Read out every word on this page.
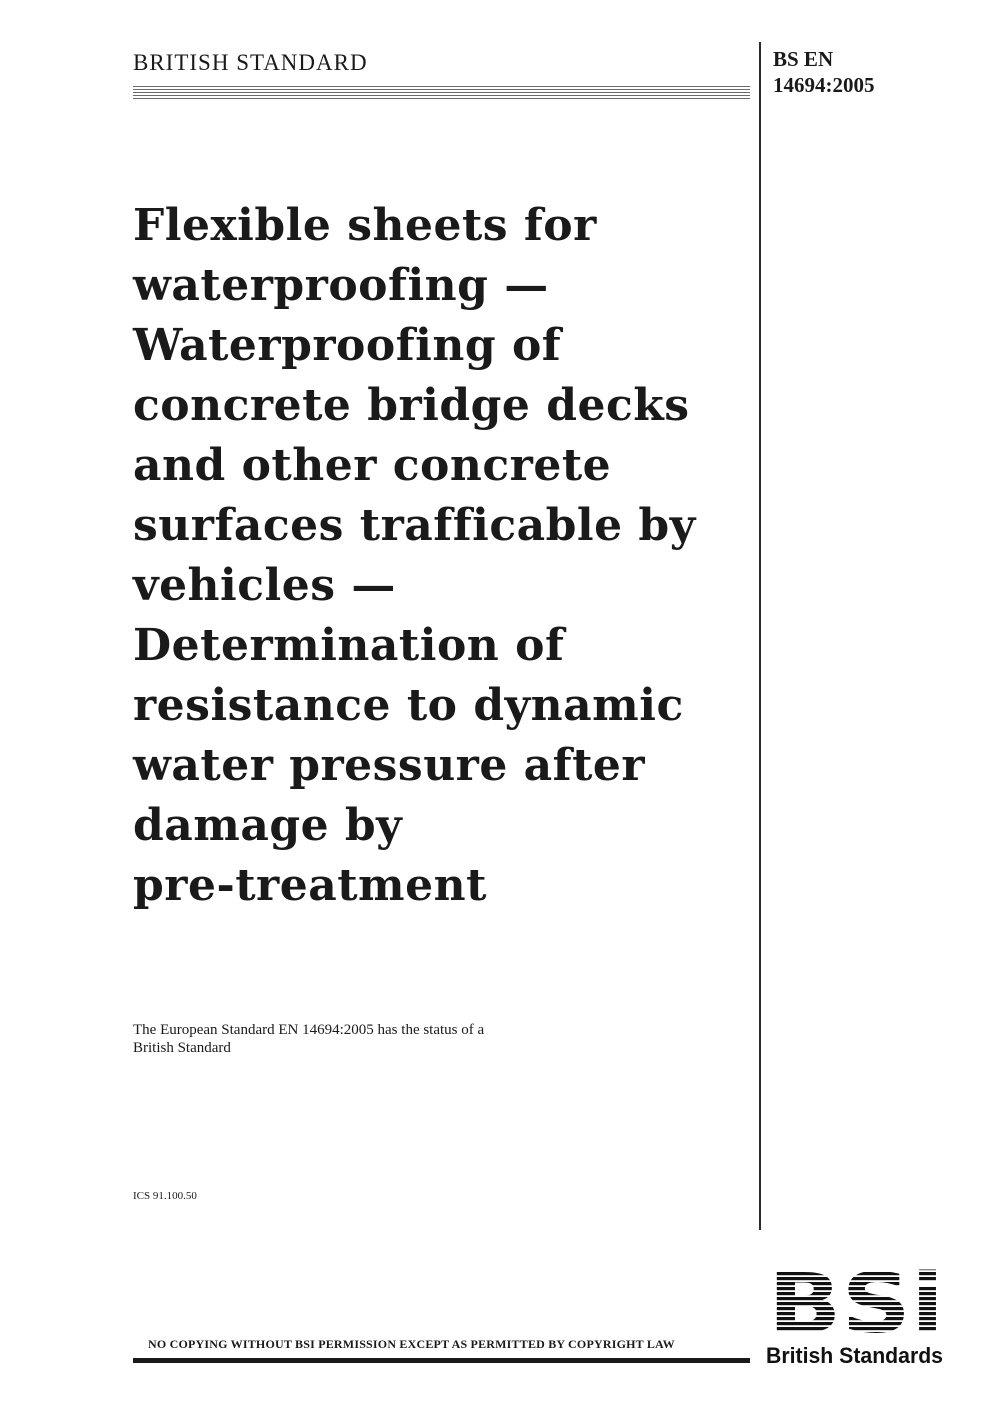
BRITISH STANDARD	BS EN
14694:2005
Flexible sheets for
waterproofing —
Waterproofing of
concrete bridge decks
and other concrete
surfaces trafficable by
vehicles —
Determination of
resistance to dynamic
water pressure after
damage by
pre-treatment
The European Standard EN 14694:2005 has the status of a
British Standard
ICS 91.100.50
NO COPYING WITHOUT BSI PERMISSION EXCEPT AS PERMITTED BY COPYRIGHT LAW	British Standards
